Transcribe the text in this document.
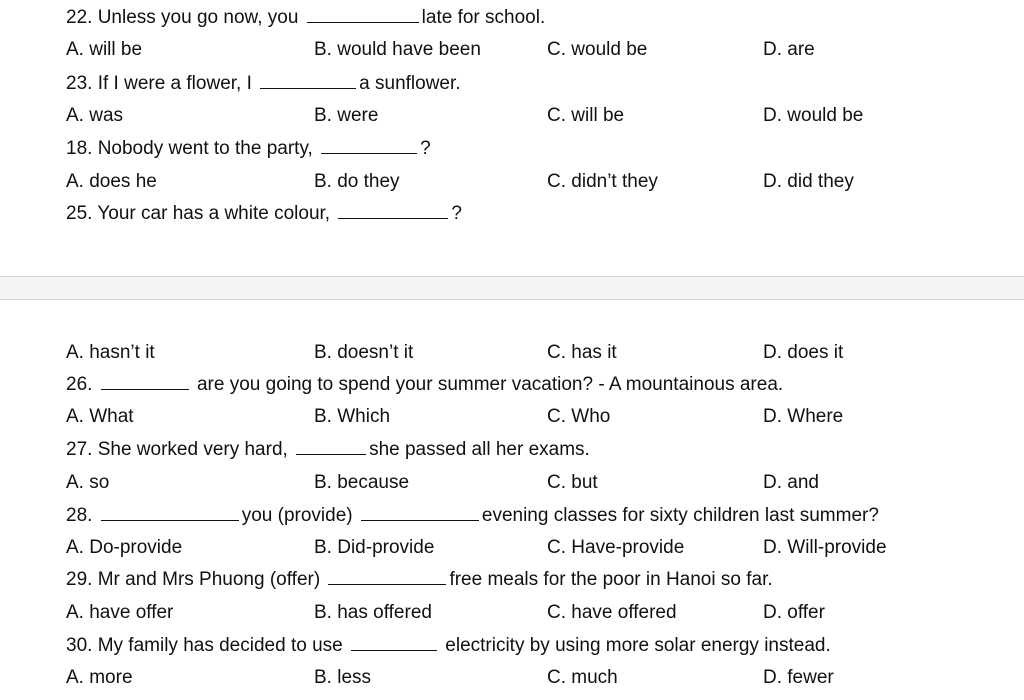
22. Unless you go now, you	late for school.
A. will be	B. would have been	C. would be	D. are
23. If I were a flower, I	a sunflower.
A. was	B. were	C. will be	D. would be
18. Nobody went to the party,	?
A. does he	B. do they	C. didn’t they	D. did they
25. Your car has a white colour,	?
A. hasn’t it	B. doesn’t it	C. has it	D. does it
26.	are you going to spend your summer vacation? - A mountainous area.
A. What	B. Which	C. Who	D. Where
27. She worked very hard,	she passed all her exams.
A. so	B. because	C. but	D. and
28.	you (provide)	evening classes for sixty children last summer?
A. Do-provide	B. Did-provide	C. Have-provide	D. Will-provide
29. Mr and Mrs Phuong (offer)	free meals for the poor in Hanoi so far.
A. have offer	B. has offered	C. have offered	D. offer
30. My family has decided to use	electricity by using more solar energy instead.
A. more	B. less	C. much	D. fewer
